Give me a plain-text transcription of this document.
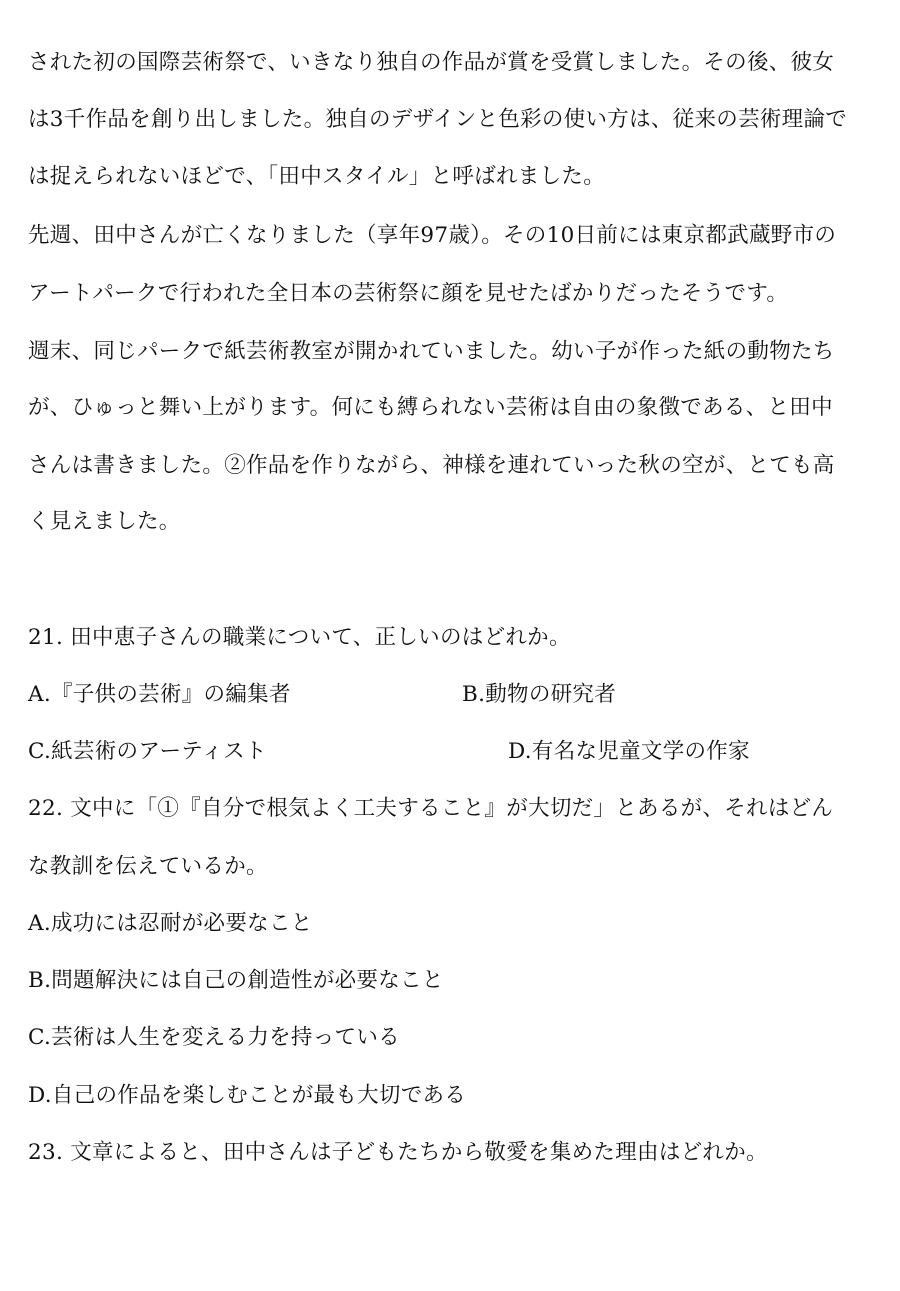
された初の国際芸術祭で、いきなり独自の作品が賞を受賞しました。その後、彼女
は3千作品を創り出しました。独自のデザインと色彩の使い方は、従来の芸術理論で
は捉えられないほどで、「田中スタイル」と呼ばれました。
先週、田中さんが亡くなりました（享年97歳）。その10日前には東京都武蔵野市の
アートパークで行われた全日本の芸術祭に顔を見せたばかりだったそうです。
週末、同じパークで紙芸術教室が開かれていました。幼い子が作った紙の動物たち
が、ひゅっと舞い上がります。何にも縛られない芸術は自由の象徴である、と田中
さんは書きました。②作品を作りながら、神様を連れていった秋の空が、とても高
く見えました。
21. 田中恵子さんの職業について、正しいのはどれか。
A.『子供の芸術』の編集者	B.動物の研究者
C.紙芸術のアーティスト	D.有名な児童文学の作家
22. 文中に「①『自分で根気よく工夫すること』が大切だ」とあるが、それはどん
な教訓を伝えているか。
A.成功には忍耐が必要なこと
B.問題解決には自己の創造性が必要なこと
C.芸術は人生を変える力を持っている
D.自己の作品を楽しむことが最も大切である
23. 文章によると、田中さんは子どもたちから敬愛を集めた理由はどれか。
